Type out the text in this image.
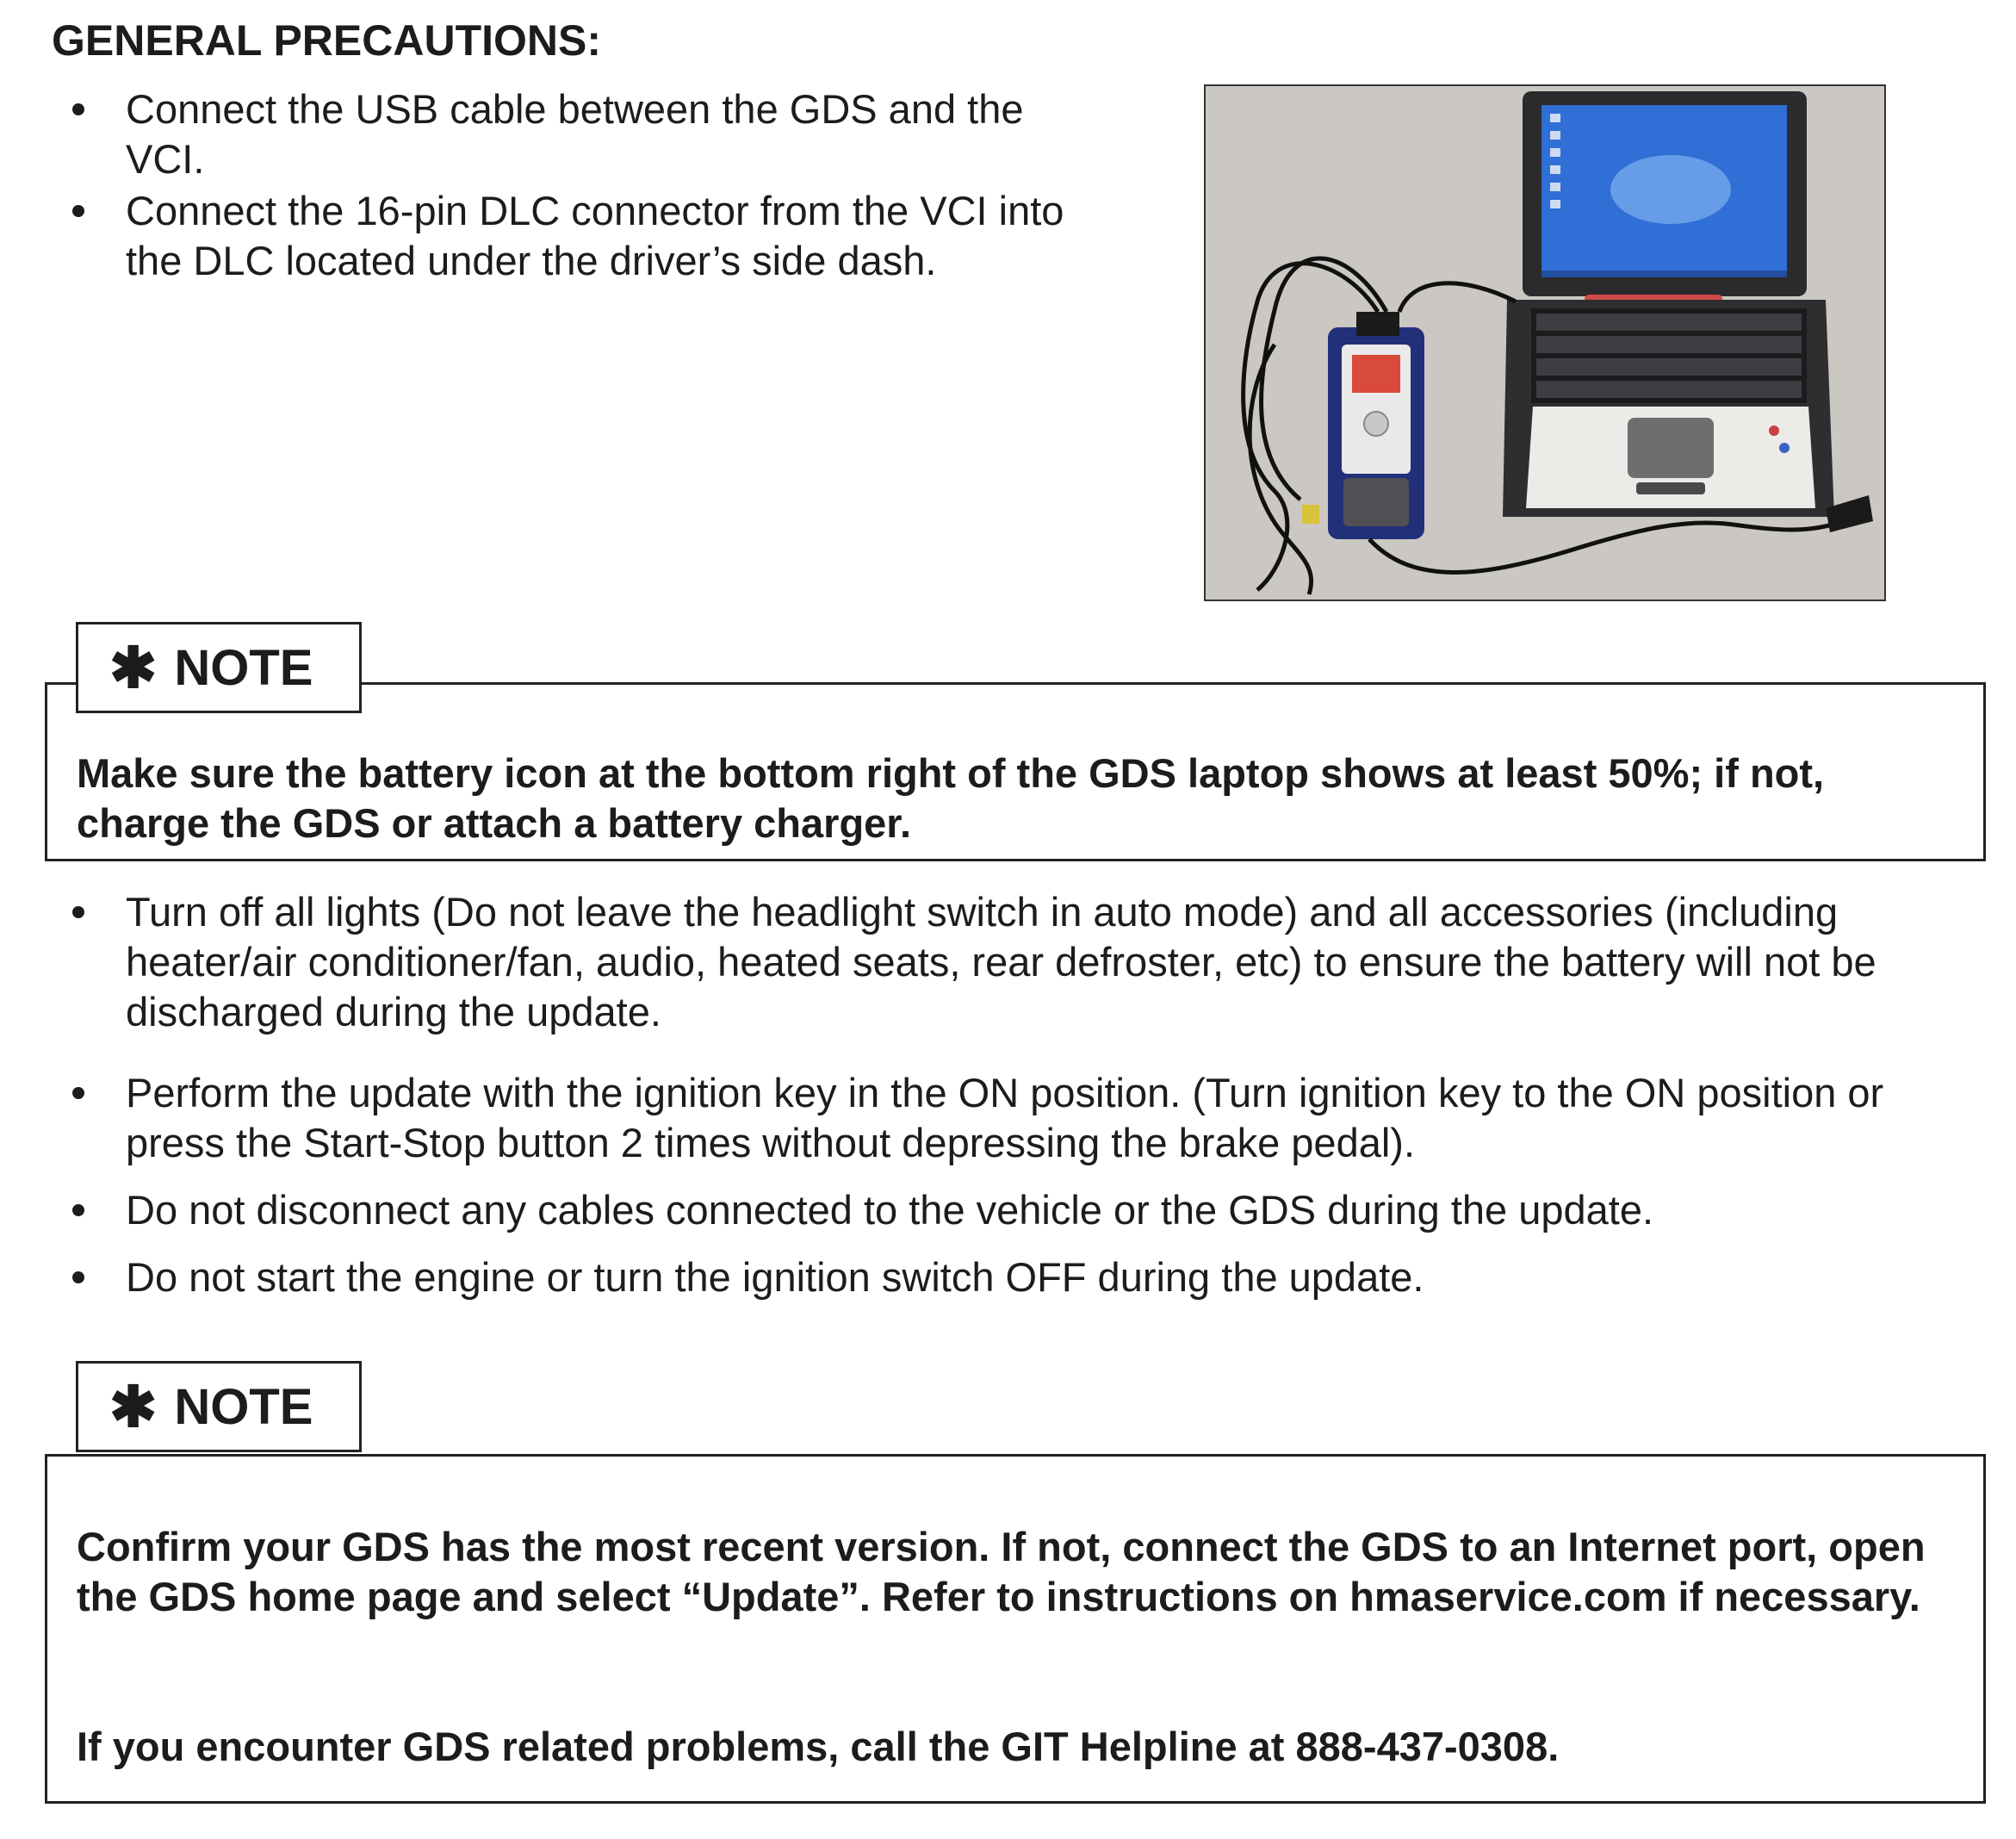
GENERAL PRECAUTIONS:
Connect the USB cable between the GDS and the VCI.
Connect the 16-pin DLC connector from the VCI into the DLC located under the driver’s side dash.

Make sure the battery icon at the bottom right of the GDS laptop shows at least 50%; if not, charge the GDS or attach a battery charger.

✱ NOTE
Turn off all lights (Do not leave the headlight switch in auto mode) and all accessories (including heater/air conditioner/fan, audio, heated seats, rear defroster, etc) to ensure the battery will not be discharged during the update.
Perform the update with the ignition key in the ON position. (Turn ignition key to the ON position or press the Start-Stop button 2 times without depressing the brake pedal).
Do not disconnect any cables connected to the vehicle or the GDS during the update.
Do not start the engine or turn the ignition switch OFF during the update.

Confirm your GDS has the most recent version. If not, connect the GDS to an Internet port, open the GDS home page and select “Update”. Refer to instructions on hmaservice.com if necessary.

If you encounter GDS related problems, call the GIT Helpline at 888-437-0308.

✱ NOTE
